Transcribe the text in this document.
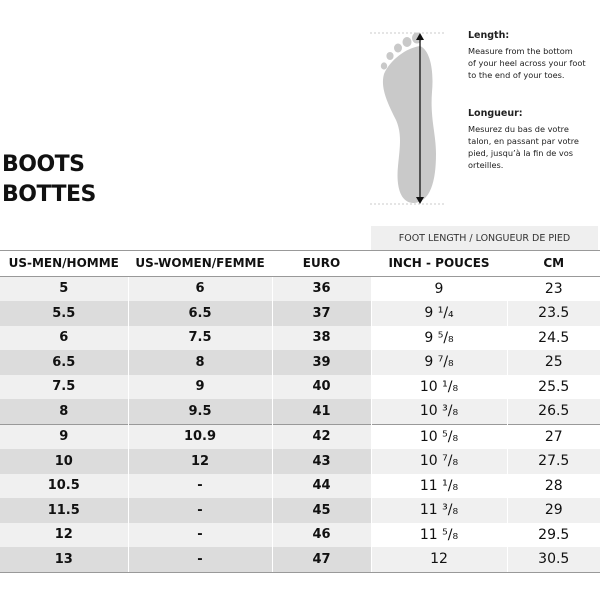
BOOTS
BOTTES
Length:
Measure from the bottom
of your heel across your foot
to the end of your toes.
Longueur:
Mesurez du bas de votre
talon, en passant par votre
pied, jusqu’à la fin de vos
orteilles.
FOOT LENGTH / LONGUEUR DE PIED
US-MEN/HOMME	US-WOMEN/FEMME	EURO	INCH - POUCES	CM
5	6	36	9	23
5.5	6.5	37	9 ¹/₄	23.5
6	7.5	38	9 ⁵/₈	24.5
6.5	8	39	9 ⁷/₈	25
7.5	9	40	10 ¹/₈	25.5
8	9.5	41	10 ³/₈	26.5
9	10.9	42	10 ⁵/₈	27
10	12	43	10 ⁷/₈	27.5
10.5	-	44	11 ¹/₈	28
11.5	-	45	11 ³/₈	29
12	-	46	11 ⁵/₈	29.5
13	-	47	12	30.5
